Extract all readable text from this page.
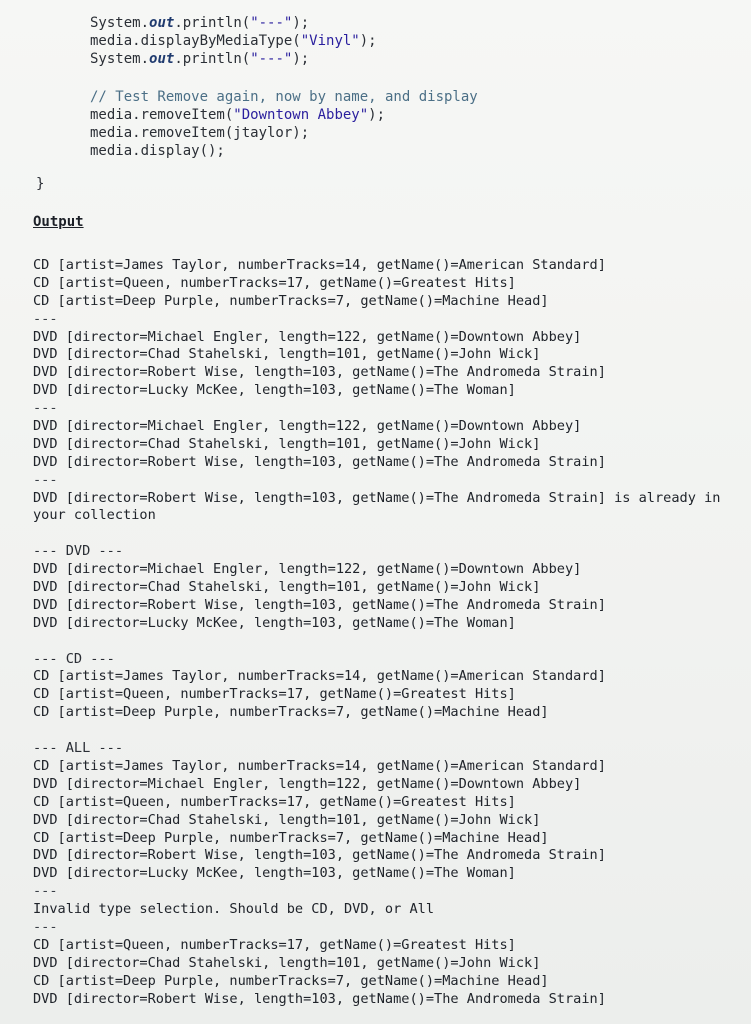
System.out.println("---");
media.displayByMediaType("Vinyl");
System.out.println("---");
// Test Remove again, now by name, and display
media.removeItem("Downtown Abbey");
media.removeItem(jtaylor);
media.display();
}
Output
CD [artist=James Taylor, numberTracks=14, getName()=American Standard]
CD [artist=Queen, numberTracks=17, getName()=Greatest Hits]
CD [artist=Deep Purple, numberTracks=7, getName()=Machine Head]
---
DVD [director=Michael Engler, length=122, getName()=Downtown Abbey]
DVD [director=Chad Stahelski, length=101, getName()=John Wick]
DVD [director=Robert Wise, length=103, getName()=The Andromeda Strain]
DVD [director=Lucky McKee, length=103, getName()=The Woman]
---
DVD [director=Michael Engler, length=122, getName()=Downtown Abbey]
DVD [director=Chad Stahelski, length=101, getName()=John Wick]
DVD [director=Robert Wise, length=103, getName()=The Andromeda Strain]
---
DVD [director=Robert Wise, length=103, getName()=The Andromeda Strain] is already in
your collection
--- DVD ---
DVD [director=Michael Engler, length=122, getName()=Downtown Abbey]
DVD [director=Chad Stahelski, length=101, getName()=John Wick]
DVD [director=Robert Wise, length=103, getName()=The Andromeda Strain]
DVD [director=Lucky McKee, length=103, getName()=The Woman]
--- CD ---
CD [artist=James Taylor, numberTracks=14, getName()=American Standard]
CD [artist=Queen, numberTracks=17, getName()=Greatest Hits]
CD [artist=Deep Purple, numberTracks=7, getName()=Machine Head]
--- ALL ---
CD [artist=James Taylor, numberTracks=14, getName()=American Standard]
DVD [director=Michael Engler, length=122, getName()=Downtown Abbey]
CD [artist=Queen, numberTracks=17, getName()=Greatest Hits]
DVD [director=Chad Stahelski, length=101, getName()=John Wick]
CD [artist=Deep Purple, numberTracks=7, getName()=Machine Head]
DVD [director=Robert Wise, length=103, getName()=The Andromeda Strain]
DVD [director=Lucky McKee, length=103, getName()=The Woman]
---
Invalid type selection. Should be CD, DVD, or All
---
CD [artist=Queen, numberTracks=17, getName()=Greatest Hits]
DVD [director=Chad Stahelski, length=101, getName()=John Wick]
CD [artist=Deep Purple, numberTracks=7, getName()=Machine Head]
DVD [director=Robert Wise, length=103, getName()=The Andromeda Strain]
